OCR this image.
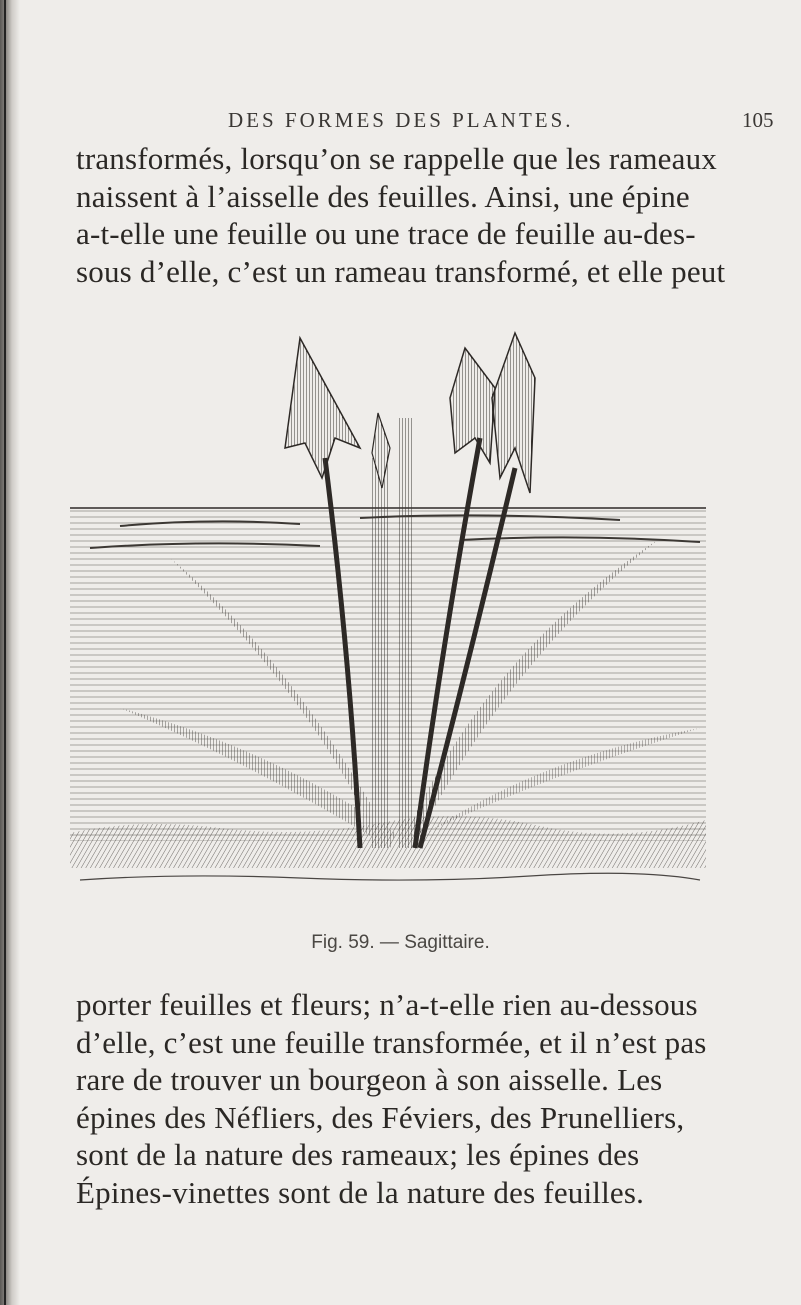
DES FORMES DES PLANTES.	105
transformés, lorsqu’on se rappelle que les rameaux
naissent à l’aisselle des feuilles. Ainsi, une épine
a-t-elle une feuille ou une trace de feuille au-des-
sous d’elle, c’est un rameau transformé, et elle peut
Fig. 59. — Sagittaire.
porter feuilles et fleurs; n’a-t-elle rien au-dessous
d’elle, c’est une feuille transformée, et il n’est pas
rare de trouver un bourgeon à son aisselle. Les
épines des Néfliers, des Féviers, des Prunelliers,
sont de la nature des rameaux; les épines des
Épines-vinettes sont de la nature des feuilles.
